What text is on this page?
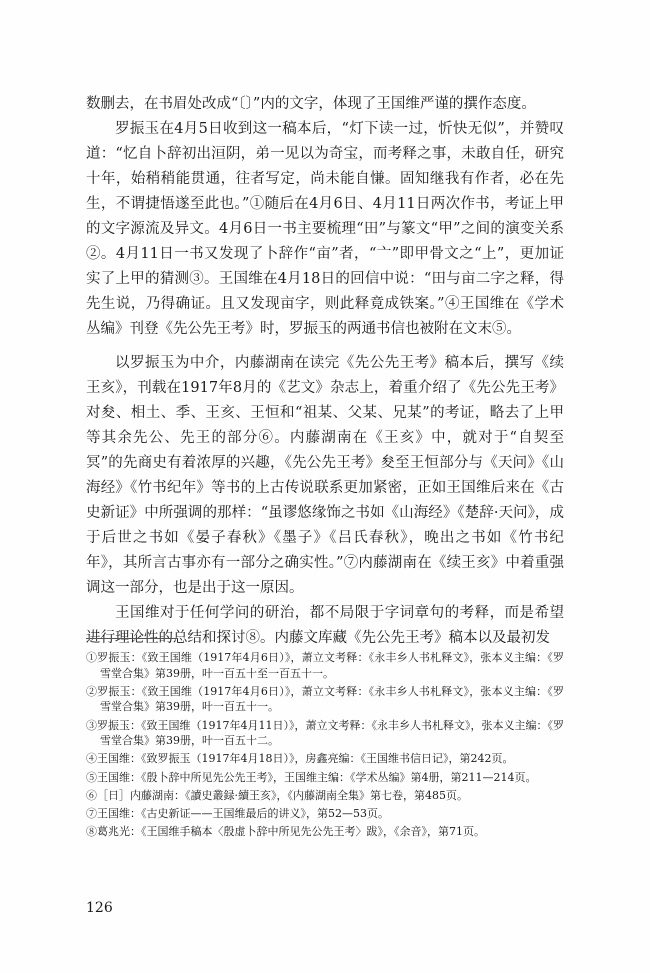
数删去，在书眉处改成“〔〕”内的文字，体现了王国维严谨的撰作态度。

罗振玉在4月5日收到这一稿本后，“灯下读一过，忻快无似”，并赞叹道：“忆自卜辞初出洹阴，弟一见以为奇宝，而考释之事，未敢自任，研究十年，始稍稍能贯通，往者写定，尚未能自慊。固知继我有作者，必在先生，不谓捷悟遂至此也。”①随后在4月6日、4月11日两次作书，考证上甲的文字源流及异文。4月6日一书主要梳理“田”与篆文“甲”之间的演变关系②。4月11日一书又发现了卜辞作“亩”者，“亠”即甲骨文之“上”，更加证实了上甲的猜测③。王国维在4月18日的回信中说：“田与亩二字之释，得先生说，乃得确证。且又发现亩字，则此释竟成铁案。”④王国维在《学术丛编》刊登《先公先王考》时，罗振玉的两通书信也被附在文末⑤。

以罗振玉为中介，内藤湖南在读完《先公先王考》稿本后，撰写《续王亥》，刊载在1917年8月的《艺文》杂志上，着重介绍了《先公先王考》对夋、相土、季、王亥、王恒和“祖某、父某、兄某”的考证，略去了上甲等其余先公、先王的部分⑥。内藤湖南在《王亥》中，就对于“自契至冥”的先商史有着浓厚的兴趣，《先公先王考》夋至王恒部分与《天问》《山海经》《竹书纪年》等书的上古传说联系更加紧密，正如王国维后来在《古史新证》中所强调的那样：“虽谬悠缘饰之书如《山海经》《楚辞·天问》，成于后世之书如《晏子春秋》《墨子》《吕氏春秋》，晚出之书如《竹书纪年》，其所言古事亦有一部分之确实性。”⑦内藤湖南在《续王亥》中着重强调这一部分，也是出于这一原因。

王国维对于任何学问的研治，都不局限于字词章句的考释，而是希望进行理论性的总结和探讨⑧。内藤文库藏《先公先王考》稿本以及最初发

①罗振玉：《致王国维（1917年4月6日）》，萧立文考释：《永丰乡人书札释文》，张本义主编：《罗雪堂合集》第39册，叶一百五十至一百五十一。

②罗振玉：《致王国维（1917年4月6日）》，萧立文考释：《永丰乡人书札释文》，张本义主编：《罗雪堂合集》第39册，叶一百五十一。

③罗振玉：《致王国维（1917年4月11日）》，萧立文考释：《永丰乡人书札释文》，张本义主编：《罗雪堂合集》第39册，叶一百五十二。

④王国维：《致罗振玉（1917年4月18日）》，房鑫亮编：《王国维书信日记》，第242页。

⑤王国维：《殷卜辞中所见先公先王考》，王国维主编：《学术丛编》第4册，第211—214页。

⑥［日］内藤湖南：《讀史叢録·續王亥》，《内藤湖南全集》第七卷，第485页。

⑦王国维：《古史新证——王国维最后的讲义》，第52—53页。

⑧葛兆光：《王国维手稿本〈殷虚卜辞中所见先公先王考〉跋》，《余音》，第71页。

126
